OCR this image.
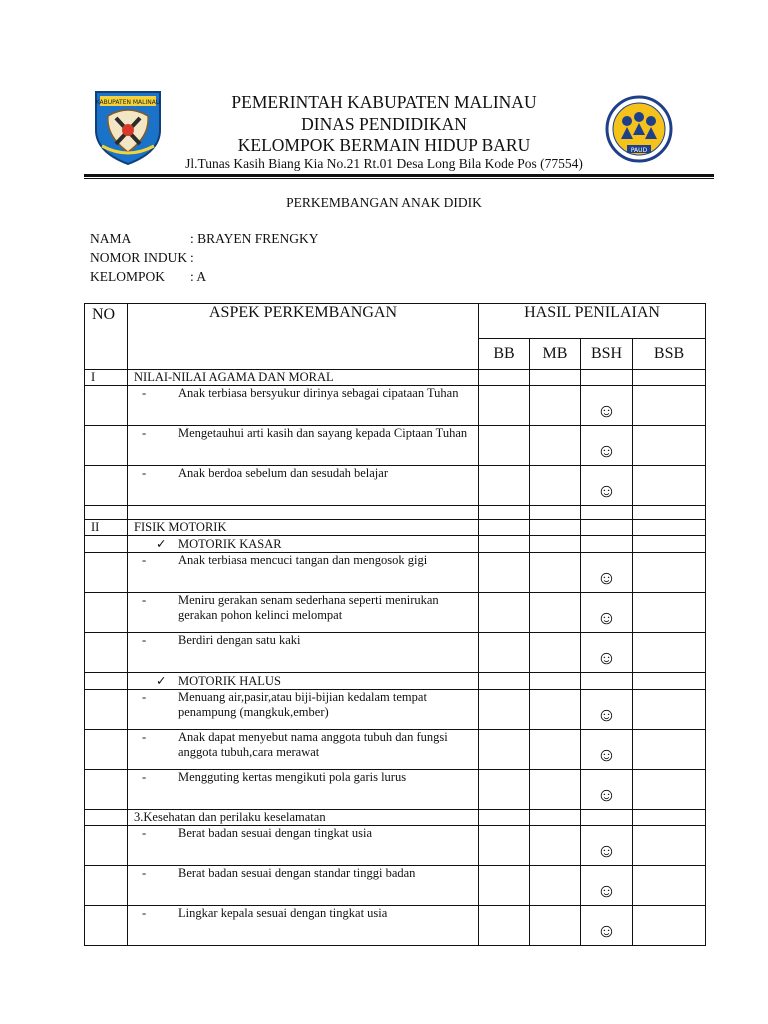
KABUPATEN MALINAU
PAUD
PEMERINTAH KABUPATEN MALINAU
DINAS PENDIDIKAN
KELOMPOK BERMAIN HIDUP BARU
Jl.Tunas Kasih Biang Kia No.21 Rt.01 Desa Long Bila Kode Pos (77554)
PERKEMBANGAN ANAK DIDIK
NAMA	: BRAYEN FRENGKY
NOMOR INDUK :
KELOMPOK : A
NO	ASPEK PERKEMBANGAN	HASIL PENILAIAN			
		BB	MB	BSH	BSB
I	NILAI-NILAI AGAMA DAN MORAL				
	- Anak terbiasa bersyukur dirinya sebagai cipataan Tuhan			☺	
	- Mengetauhui arti kasih dan sayang kepada Ciptaan Tuhan			☺	
	- Anak berdoa sebelum dan sesudah belajar			☺	

II	FISIK MOTORIK				
	✓ MOTORIK KASAR				
	- Anak terbiasa mencuci tangan dan mengosok gigi			☺	
	- Meniru gerakan senam sederhana seperti menirukan gerakan pohon kelinci melompat			☺	
	- Berdiri dengan satu kaki			☺	
	✓ MOTORIK HALUS				
	- Menuang air,pasir,atau biji-bijian kedalam tempat penampung (mangkuk,ember)			☺	
	- Anak dapat menyebut nama anggota tubuh dan fungsi anggota tubuh,cara merawat			☺	
	- Mengguting kertas mengikuti pola garis lurus			☺	
	3.Kesehatan dan perilaku keselamatan				
	- Berat badan sesuai dengan tingkat usia			☺	
	- Berat badan sesuai dengan standar tinggi badan			☺	
	- Lingkar kepala sesuai dengan tingkat usia			☺	
